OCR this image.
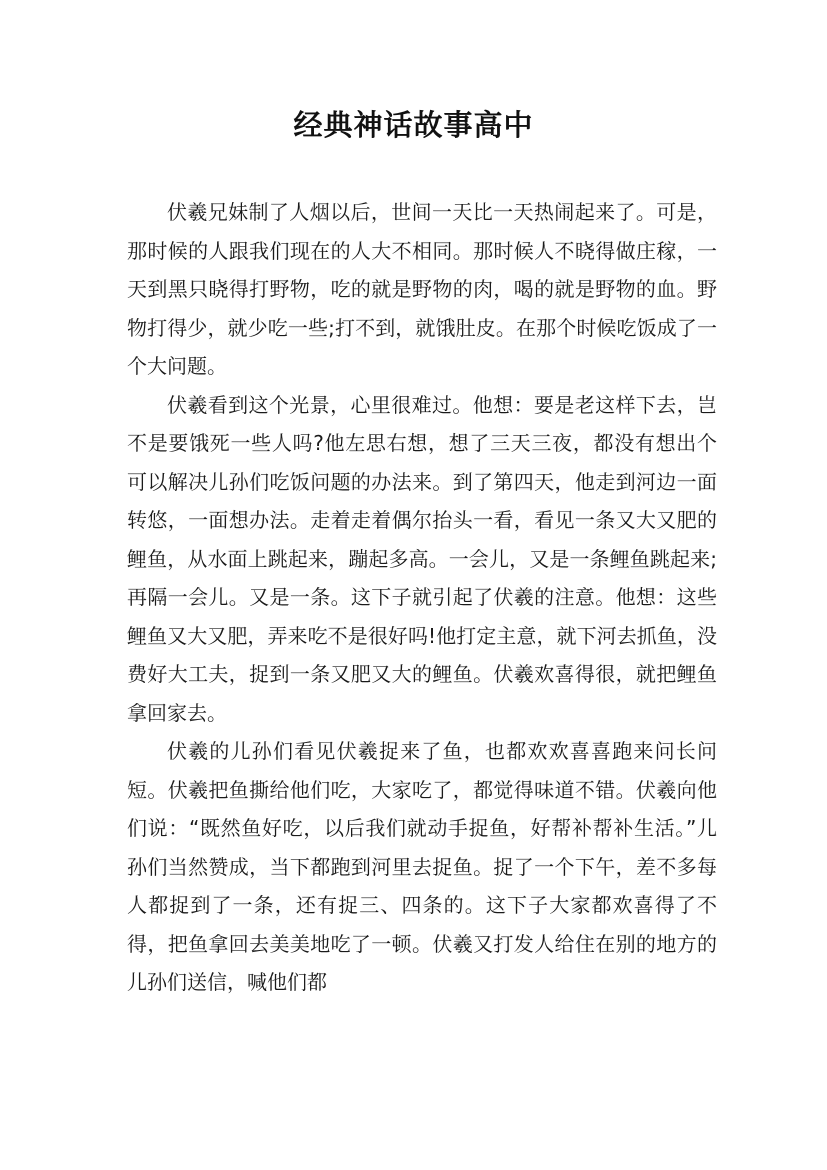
经典神话故事高中

伏羲兄妹制了人烟以后，世间一天比一天热闹起来了。可是，那时候的人跟我们现在的人大不相同。那时候人不晓得做庄稼，一天到黑只晓得打野物，吃的就是野物的肉，喝的就是野物的血。野物打得少，就少吃一些;打不到，就饿肚皮。在那个时候吃饭成了一个大问题。

伏羲看到这个光景，心里很难过。他想：要是老这样下去，岂不是要饿死一些人吗?他左思右想，想了三天三夜，都没有想出个可以解决儿孙们吃饭问题的办法来。到了第四天，他走到河边一面转悠，一面想办法。走着走着偶尔抬头一看，看见一条又大又肥的鲤鱼，从水面上跳起来，蹦起多高。一会儿，又是一条鲤鱼跳起来;再隔一会儿。又是一条。这下子就引起了伏羲的注意。他想：这些鲤鱼又大又肥，弄来吃不是很好吗!他打定主意，就下河去抓鱼，没费好大工夫，捉到一条又肥又大的鲤鱼。伏羲欢喜得很，就把鲤鱼拿回家去。

伏羲的儿孙们看见伏羲捉来了鱼，也都欢欢喜喜跑来问长问短。伏羲把鱼撕给他们吃，大家吃了，都觉得味道不错。伏羲向他们说：“既然鱼好吃，以后我们就动手捉鱼，好帮补帮补生活。”儿孙们当然赞成，当下都跑到河里去捉鱼。捉了一个下午，差不多每人都捉到了一条，还有捉三、四条的。这下子大家都欢喜得了不得，把鱼拿回去美美地吃了一顿。伏羲又打发人给住在别的地方的儿孙们送信，喊他们都
